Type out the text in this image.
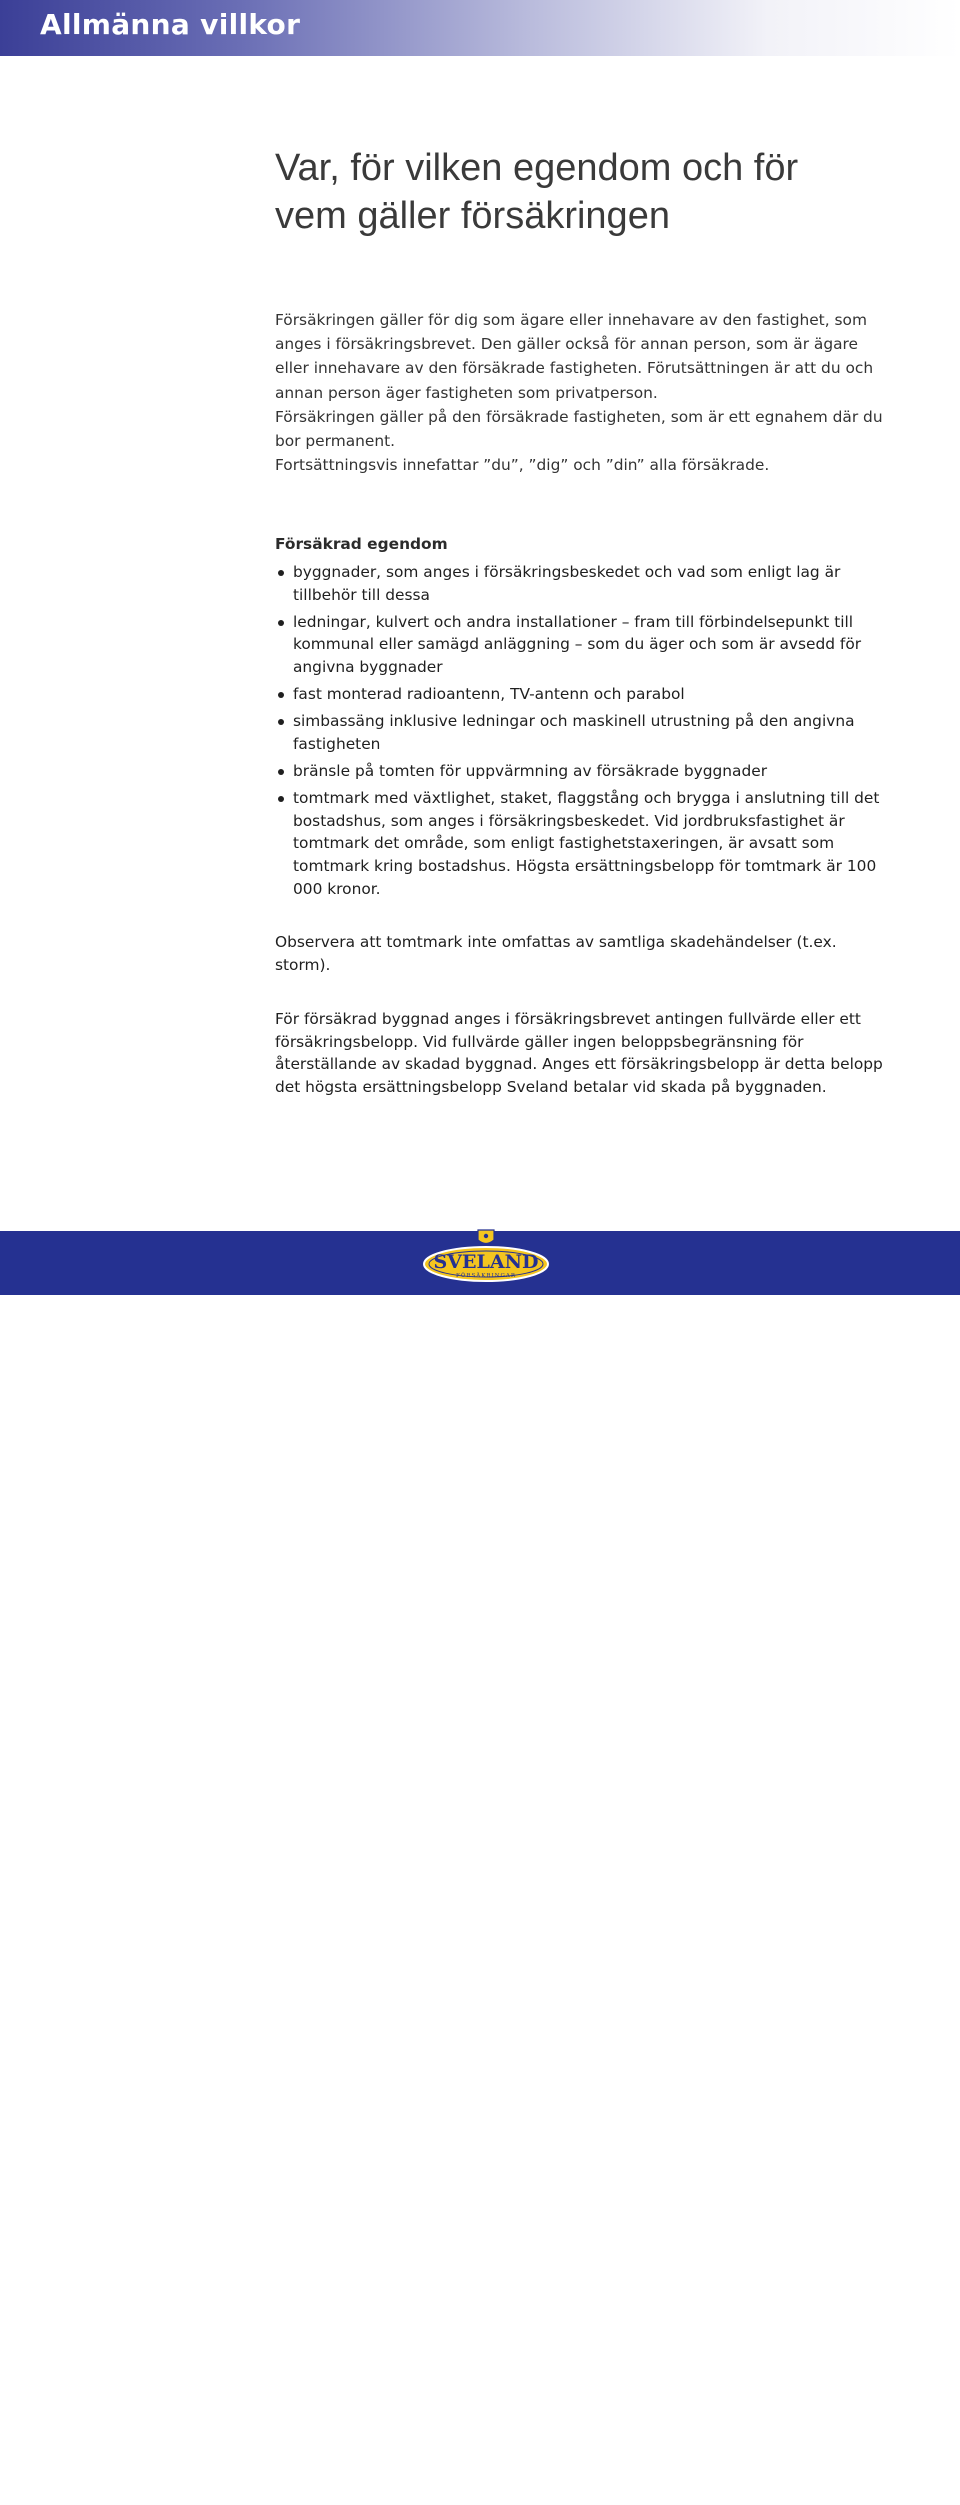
Allmänna villkor
Var, för vilken egendom och för
vem gäller försäkringen

Försäkringen gäller för dig som ägare eller innehavare av den fastighet, som anges i försäkringsbrevet. Den gäller också för annan person, som är ägare eller innehavare av den försäkrade fastigheten. Förutsättningen är att du och annan person äger fastigheten som privatperson.

Försäkringen gäller på den försäkrade fastigheten, som är ett egnahem där du bor permanent.

Fortsättningsvis innefattar ”du”, ”dig” och ”din” alla försäkrade.

Försäkrad egendom
byggnader, som anges i försäkringsbeskedet och vad som enligt lag är tillbehör till dessa
ledningar, kulvert och andra installationer – fram till förbindelsepunkt till kommunal eller samägd anläggning – som du äger och som är avsedd för angivna byggnader
fast monterad radioantenn, TV-antenn och parabol
simbassäng inklusive ledningar och maskinell utrustning på den angivna fastigheten
bränsle på tomten för uppvärmning av försäkrade byggnader
tomtmark med växtlighet, staket, flaggstång och brygga i anslutning till det bostadshus, som anges i försäkringsbeskedet. Vid jordbruksfastighet är tomtmark det område, som enligt fastighetstaxeringen, är avsatt som tomtmark kring bostadshus. Högsta ersättningsbelopp för tomtmark är 100 000 kronor.

Observera att tomtmark inte omfattas av samtliga skadehändelser (t.ex. storm).

För försäkrad byggnad anges i försäkringsbrevet antingen fullvärde eller ett försäkringsbelopp. Vid fullvärde gäller ingen beloppsbegränsning för återställande av skadad byggnad. Anges ett försäkringsbelopp är detta belopp det högsta ersättningsbelopp Sveland betalar vid skada på byggnaden.

6
SVELAND
FÖRSÄKRINGAR
